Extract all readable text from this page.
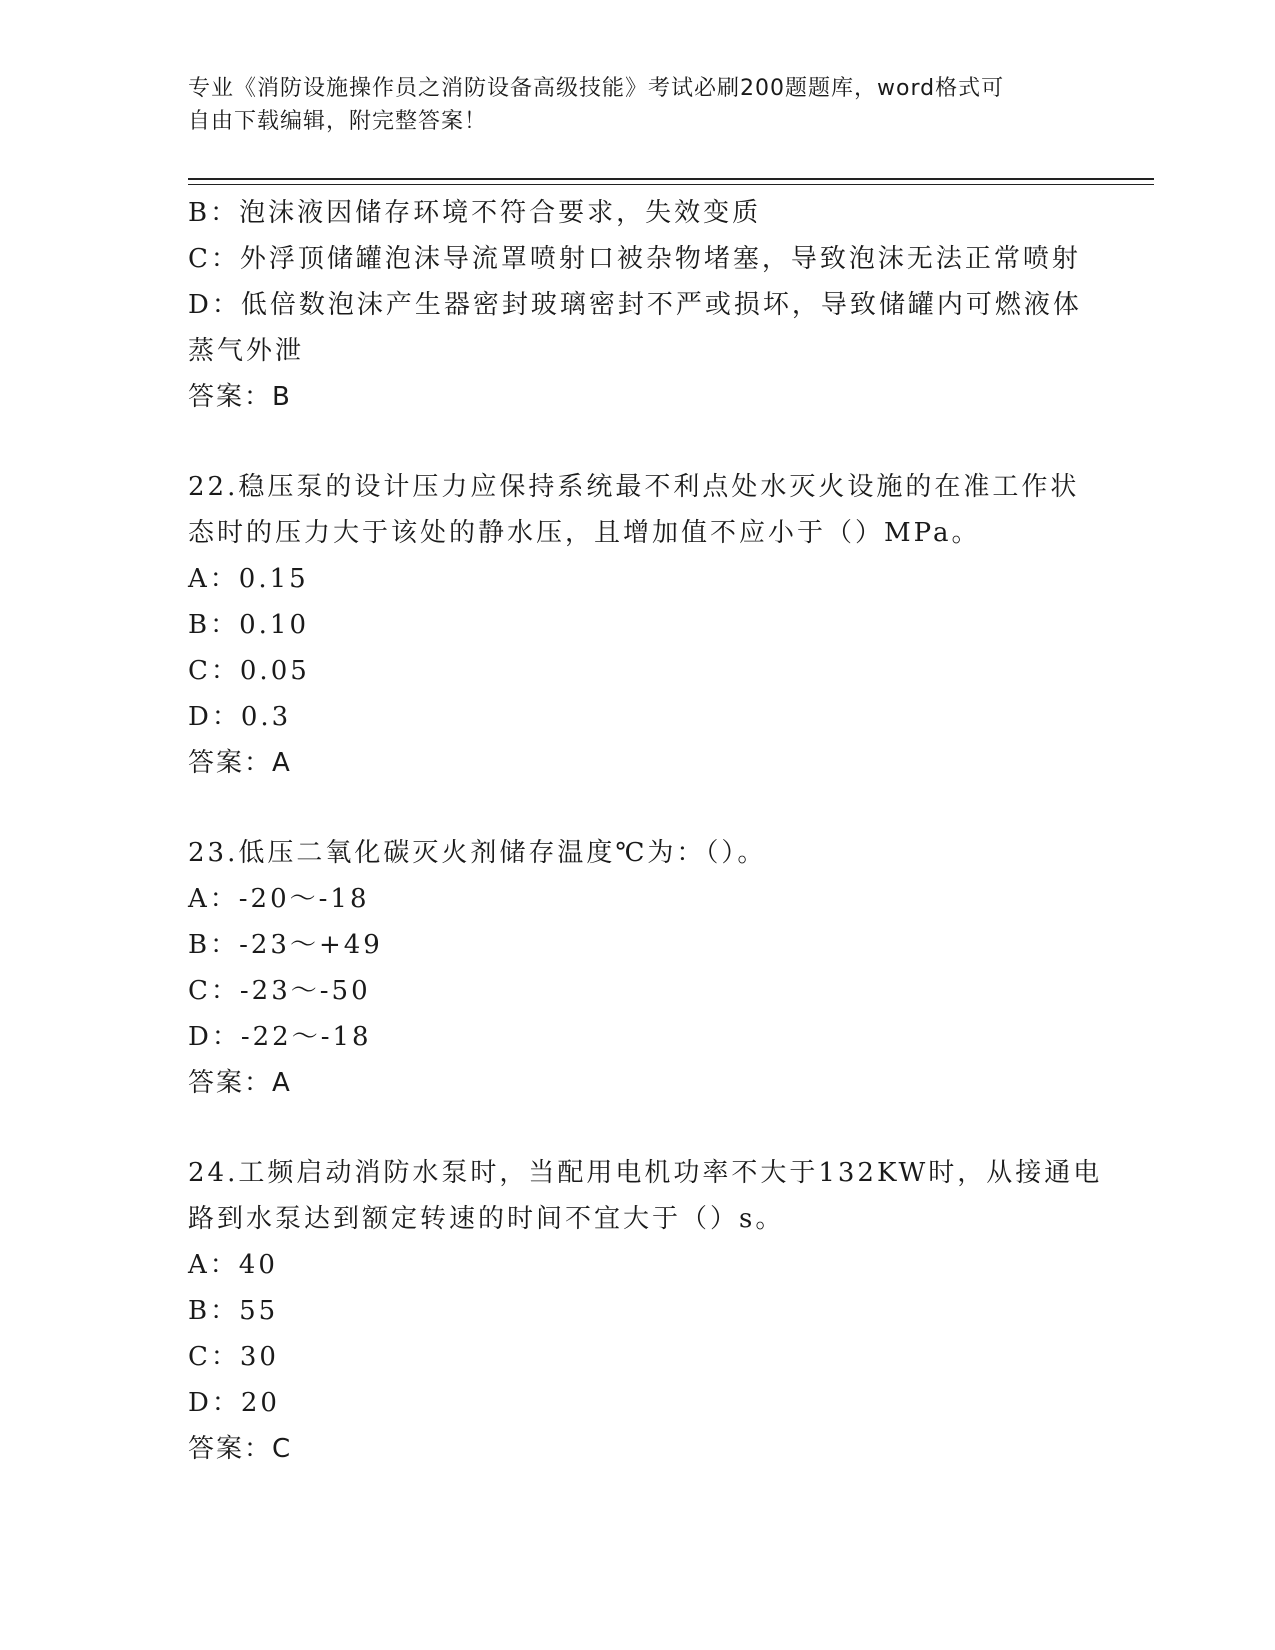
专业《消防设施操作员之消防设备高级技能》考试必刷200题题库，word格式可
自由下载编辑，附完整答案！
B：泡沫液因储存环境不符合要求，失效变质
C：外浮顶储罐泡沫导流罩喷射口被杂物堵塞，导致泡沫无法正常喷射
D：低倍数泡沫产生器密封玻璃密封不严或损坏，导致储罐内可燃液体
蒸气外泄
答案：B
22.稳压泵的设计压力应保持系统最不利点处水灭火设施的在准工作状
态时的压力大于该处的静水压，且增加值不应小于（）MPa。
A：0.15
B：0.10
C：0.05
D：0.3
答案：A
23.低压二氧化碳灭火剂储存温度℃为：（）。
A：-20～-18
B：-23～+49
C：-23～-50
D：-22～-18
答案：A
24.工频启动消防水泵时，当配用电机功率不大于132KW时，从接通电
路到水泵达到额定转速的时间不宜大于（）s。
A：40
B：55
C：30
D：20
答案：C
